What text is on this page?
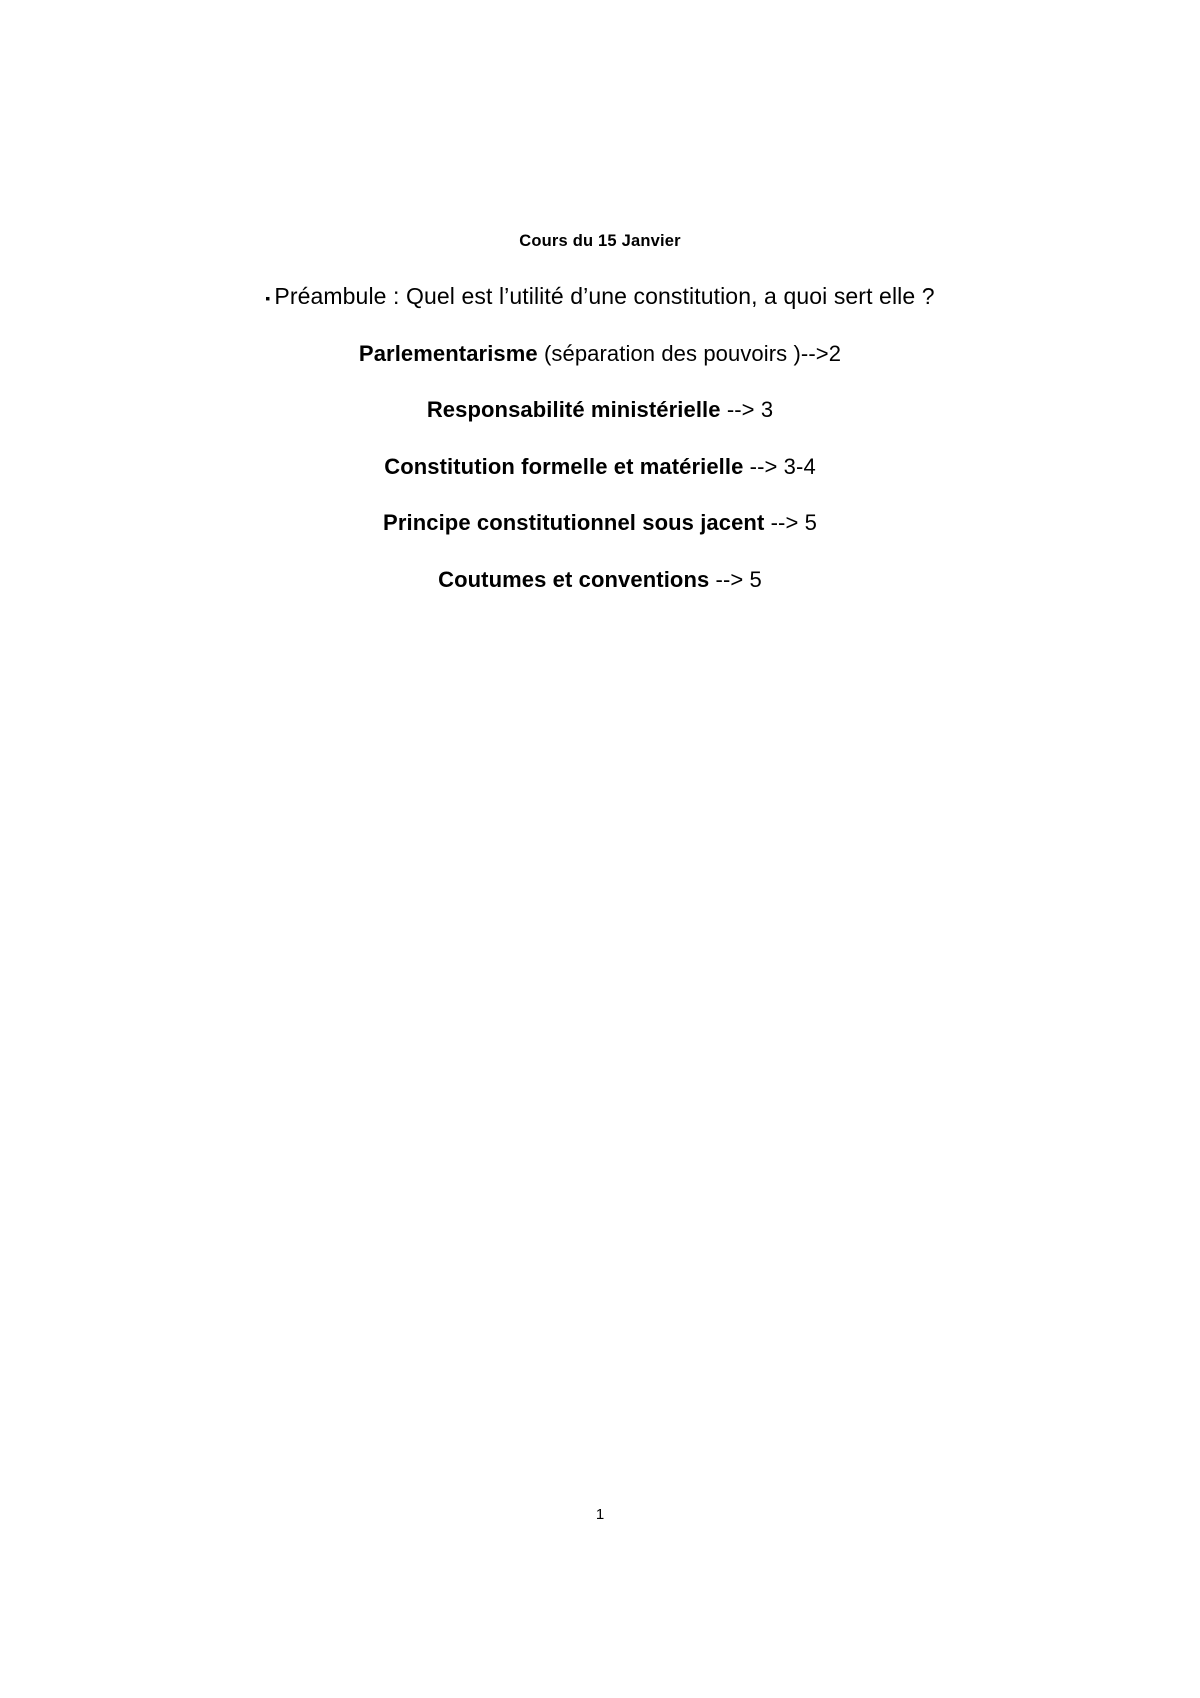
Cours du 15 Janvier
▪ Préambule : Quel est l’utilité d’une constitution, a quoi sert elle ?
Parlementarisme (séparation des pouvoirs )-->2
Responsabilité ministérielle --> 3
Constitution formelle et matérielle --> 3-4
Principe constitutionnel sous jacent --> 5
Coutumes et conventions --> 5
1
